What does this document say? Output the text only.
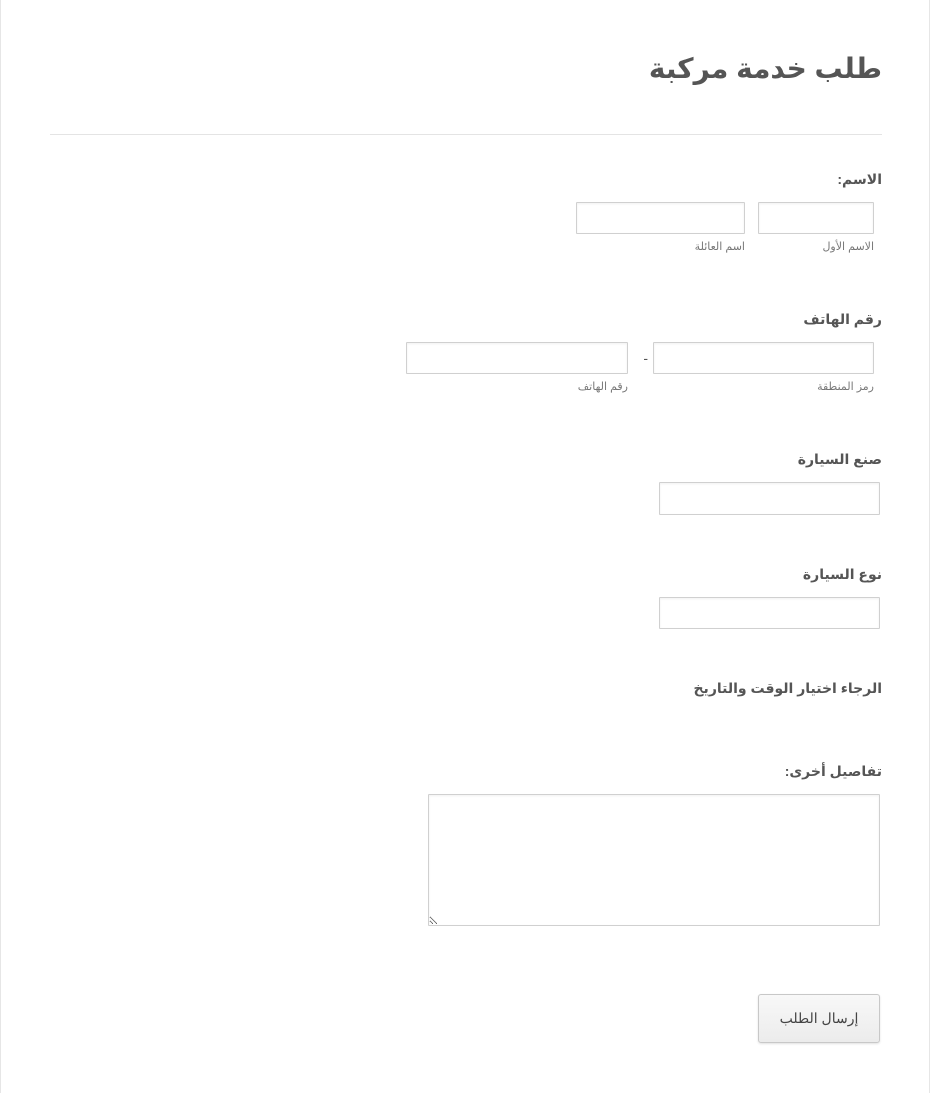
طلب خدمة مركبة
الاسم:
الاسم الأول
اسم العائلة
رقم الهاتف
-
رمز المنطقة
رقم الهاتف
صنع السيارة
نوع السيارة
الرجاء اختيار الوقت والتاريخ
تفاصيل أخرى:
إرسال الطلب
